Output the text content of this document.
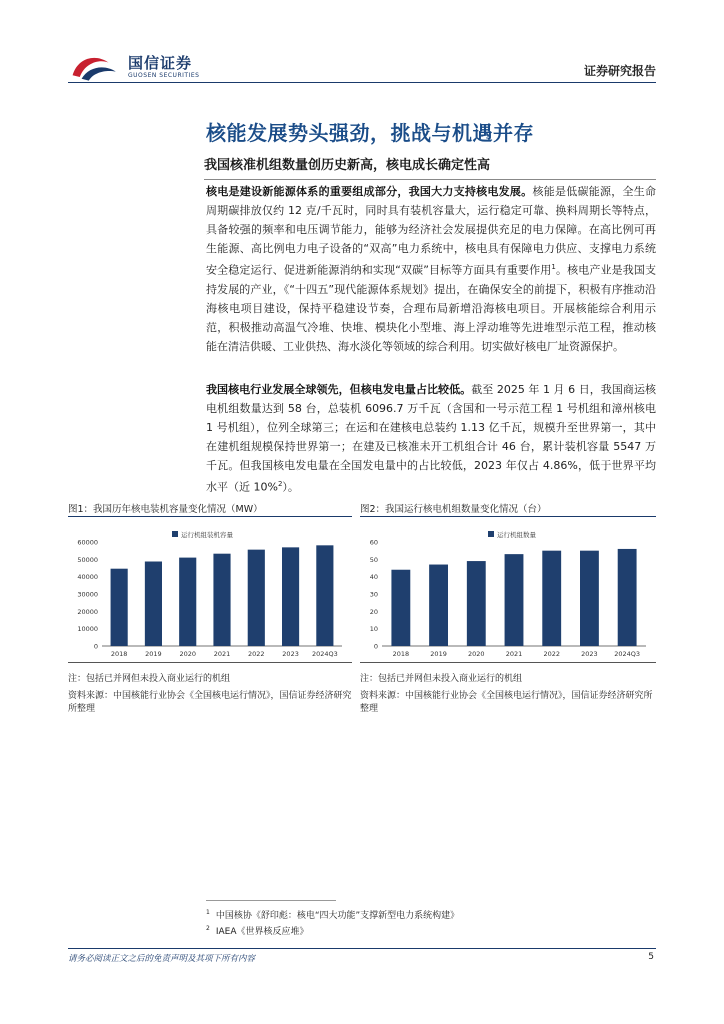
国信证券
GUOSEN SECURITIES	证券研究报告
核能发展势头强劲，挑战与机遇并存
我国核准机组数量创历史新高，核电成长确定性高

核电是建设新能源体系的重要组成部分，我国大力支持核电发展。核能是低碳能源，全生命周期碳排放仅约 12 克/千瓦时，同时具有装机容量大，运行稳定可靠、换料周期长等特点，具备较强的频率和电压调节能力，能够为经济社会发展提供充足的电力保障。在高比例可再生能源、高比例电力电子设备的“双高”电力系统中，核电具有保障电力供应、支撑电力系统安全稳定运行、促进新能源消纳和实现“双碳”目标等方面具有重要作用$^1$。核电产业是我国支持发展的产业，《“十四五”现代能源体系规划》提出，在确保安全的前提下，积极有序推动沿海核电项目建设，保持平稳建设节奏，合理布局新增沿海核电项目。开展核能综合利用示范，积极推动高温气冷堆、快堆、模块化小型堆、海上浮动堆等先进堆型示范工程，推动核能在清洁供暖、工业供热、海水淡化等领域的综合利用。切实做好核电厂址资源保护。

我国核电行业发展全球领先，但核电发电量占比较低。截至 2025 年 1 月 6 日，我国商运核电机组数量达到 58 台，总装机 6096.7 万千瓦（含国和一号示范工程 1 号机组和漳州核电 1 号机组），位列全球第三；在运和在建核电总装约 1.13 亿千瓦，规模升至世界第一，其中在建机组规模保持世界第一；在建及已核准未开工机组合计 46 台，累计装机容量 5547 万千瓦。但我国核电发电量在全国发电量中的占比较低，2023 年仅占 4.86%，低于世界平均水平（近 10%$^2$）。

图1：我国历年核电装机容量变化情况（MW）
运行机组装机容量
0
10000
20000
30000
40000
50000
60000
2018	2019	2020	2021	2022	2023 2024Q3
注：包括已并网但未投入商业运行的机组
资料来源：中国核能行业协会《全国核电运行情况》，国信证券经济研究所整理
图2：我国运行核电机组数量变化情况（台）
运行机组数量
0
10
20
30
40
50
60
2018	2019	2020	2021	2022	2023	2024Q3
注：包括已并网但未投入商业运行的机组
资料来源：中国核能行业协会《全国核电运行情况》，国信证券经济研究所整理
$^1$ 中国核协《舒印彪：核电“四大功能”支撑新型电力系统构建》
$^2$ IAEA《世界核反应堆》
请务必阅读正文之后的免责声明及其项下所有内容	5
